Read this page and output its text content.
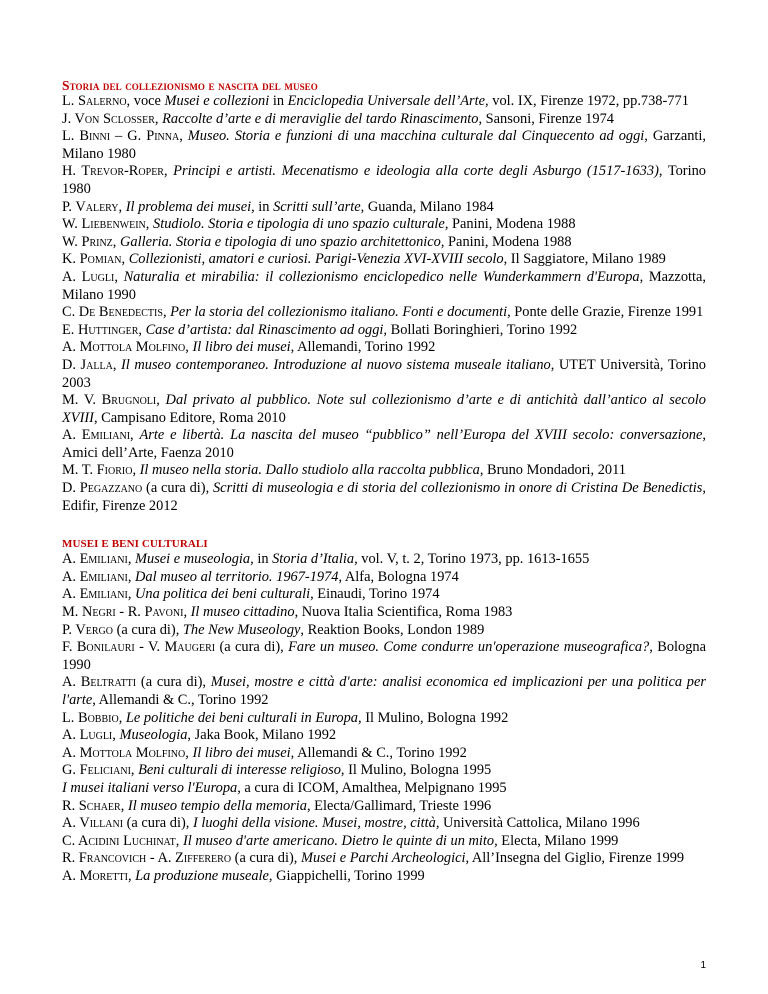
Storia del collezionismo e nascita del museo

L. Salerno, voce Musei e collezioni in Enciclopedia Universale dell’Arte, vol. IX, Firenze 1972, pp.738-771

J. Von Sclosser, Raccolte d’arte e di meraviglie del tardo Rinascimento, Sansoni, Firenze 1974

L. Binni – G. Pinna, Museo. Storia e funzioni di una macchina culturale dal Cinquecento ad oggi, Garzanti, Milano 1980

H. Trevor-Roper, Principi e artisti. Mecenatismo e ideologia alla corte degli Asburgo (1517-1633), Torino 1980

P. Valery, Il problema dei musei, in Scritti sull’arte, Guanda, Milano 1984

W. Liebenwein, Studiolo. Storia e tipologia di uno spazio culturale, Panini, Modena 1988

W. Prinz, Galleria. Storia e tipologia di uno spazio architettonico, Panini, Modena 1988

K. Pomian, Collezionisti, amatori e curiosi. Parigi-Venezia XVI-XVIII secolo, Il Saggiatore, Milano 1989

A. Lugli, Naturalia et mirabilia: il collezionismo enciclopedico nelle Wunderkammern d'Europa, Mazzotta, Milano 1990

C. De Benedectis, Per la storia del collezionismo italiano. Fonti e documenti, Ponte delle Grazie, Firenze 1991

E. Huttinger, Case d’artista: dal Rinascimento ad oggi, Bollati Boringhieri, Torino 1992

A. Mottola Molfino, Il libro dei musei, Allemandi, Torino 1992

D. Jalla, Il museo contemporaneo. Introduzione al nuovo sistema museale italiano, UTET Università, Torino 2003

M. V. Brugnoli, Dal privato al pubblico. Note sul collezionismo d’arte e di antichità dall’antico al secolo XVIII, Campisano Editore, Roma 2010

A. Emiliani, Arte e libertà. La nascita del museo “pubblico” nell’Europa del XVIII secolo: conversazione, Amici dell’Arte, Faenza 2010

M. T. Fiorio, Il museo nella storia. Dallo studiolo alla raccolta pubblica, Bruno Mondadori, 2011

D. Pegazzano (a cura di), Scritti di museologia e di storia del collezionismo in onore di Cristina De Benedictis, Edifir, Firenze 2012

MUSEI E BENI CULTURALI

A. Emiliani, Musei e museologia, in Storia d’Italia, vol. V, t. 2, Torino 1973, pp. 1613-1655

A. Emiliani, Dal museo al territorio. 1967-1974, Alfa, Bologna 1974

A. Emiliani, Una politica dei beni culturali, Einaudi, Torino 1974

M. Negri - R. Pavoni, Il museo cittadino, Nuova Italia Scientifica, Roma 1983

P. Vergo (a cura di), The New Museology, Reaktion Books, London 1989

F. Bonilauri - V. Maugeri (a cura di), Fare un museo. Come condurre un'operazione museografica?, Bologna 1990

A. Beltratti (a cura di), Musei, mostre e città d'arte: analisi economica ed implicazioni per una politica per l'arte, Allemandi & C., Torino 1992

L. Bobbio, Le politiche dei beni culturali in Europa, Il Mulino, Bologna 1992

A. Lugli, Museologia, Jaka Book, Milano 1992

A. Mottola Molfino, Il libro dei musei, Allemandi & C., Torino 1992

G. Feliciani, Beni culturali di interesse religioso, Il Mulino, Bologna 1995

I musei italiani verso l'Europa, a cura di ICOM, Amalthea, Melpignano 1995

R. Schaer, Il museo tempio della memoria, Electa/Gallimard, Trieste 1996

A. Villani (a cura di), I luoghi della visione. Musei, mostre, città, Università Cattolica, Milano 1996

C. Acidini Luchinat, Il museo d'arte americano. Dietro le quinte di un mito, Electa, Milano 1999

R. Francovich - A. Zifferero (a cura di), Musei e Parchi Archeologici, All’Insegna del Giglio, Firenze 1999

A. Moretti, La produzione museale, Giappichelli, Torino 1999

1
